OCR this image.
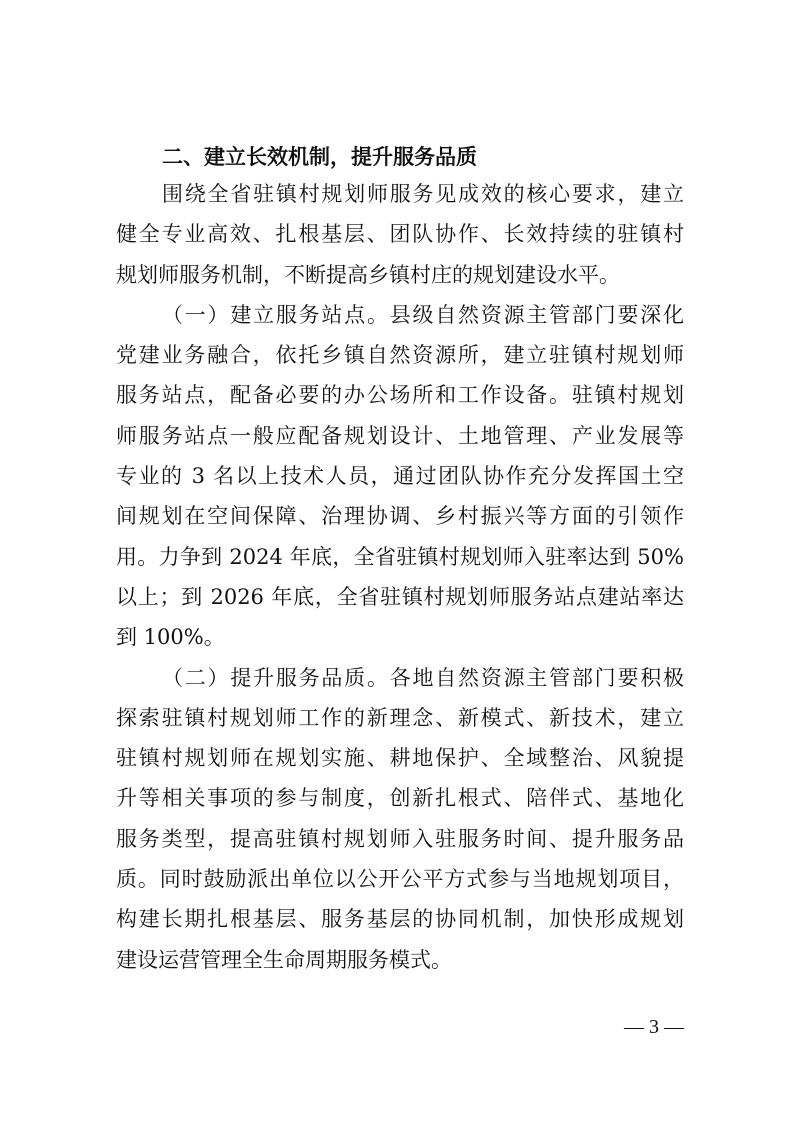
二、建立长效机制，提升服务品质
围绕全省驻镇村规划师服务见成效的核心要求，建立
健全专业高效、扎根基层、团队协作、长效持续的驻镇村
规划师服务机制，不断提高乡镇村庄的规划建设水平。
（一）建立服务站点。县级自然资源主管部门要深化
党建业务融合，依托乡镇自然资源所，建立驻镇村规划师
服务站点，配备必要的办公场所和工作设备。驻镇村规划
师服务站点一般应配备规划设计、土地管理、产业发展等
专业的 3 名以上技术人员，通过团队协作充分发挥国土空
间规划在空间保障、治理协调、乡村振兴等方面的引领作
用。力争到 2024 年底，全省驻镇村规划师入驻率达到 50%
以上；到 2026 年底，全省驻镇村规划师服务站点建站率达
到 100%。
（二）提升服务品质。各地自然资源主管部门要积极
探索驻镇村规划师工作的新理念、新模式、新技术，建立
驻镇村规划师在规划实施、耕地保护、全域整治、风貌提
升等相关事项的参与制度，创新扎根式、陪伴式、基地化
服务类型，提高驻镇村规划师入驻服务时间、提升服务品
质。同时鼓励派出单位以公开公平方式参与当地规划项目，
构建长期扎根基层、服务基层的协同机制，加快形成规划
建设运营管理全生命周期服务模式。
— 3 —
